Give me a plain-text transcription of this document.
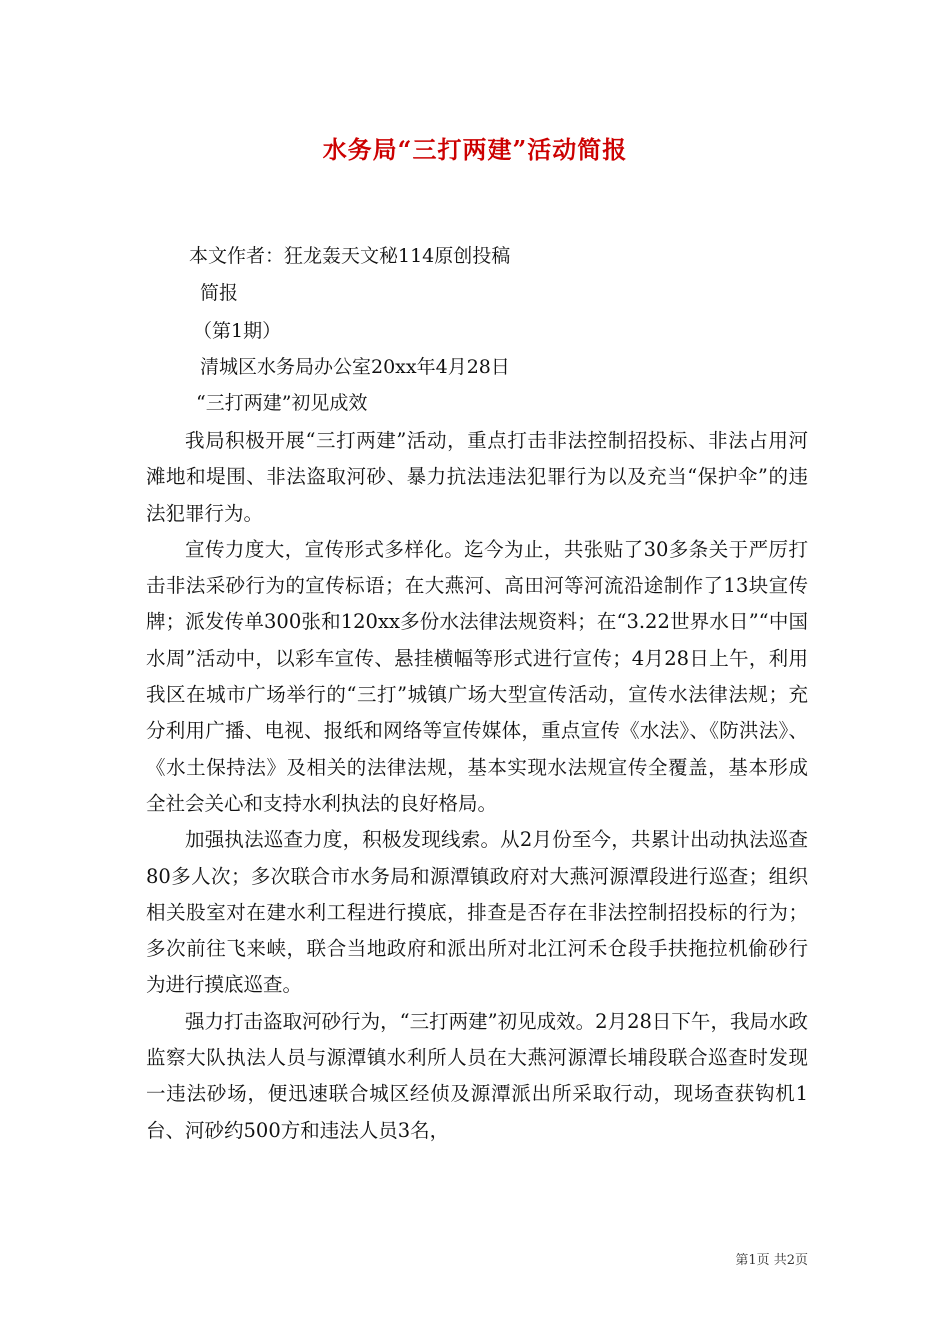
水务局“三打两建”活动简报

本文作者：狂龙轰天文秘114原创投稿

简报

（第1期）

清城区水务局办公室20xx年4月28日

“三打两建”初见成效

我局积极开展“三打两建”活动，重点打击非法控制招投标、非法占用河滩地和堤围、非法盗取河砂、暴力抗法违法犯罪行为以及充当“保护伞”的违法犯罪行为。

宣传力度大，宣传形式多样化。迄今为止，共张贴了30多条关于严厉打击非法采砂行为的宣传标语；在大燕河、高田河等河流沿途制作了13块宣传牌；派发传单300张和120xx多份水法律法规资料；在“3.22世界水日”“中国水周”活动中，以彩车宣传、悬挂横幅等形式进行宣传；4月28日上午，利用我区在城市广场举行的“三打”城镇广场大型宣传活动，宣传水法律法规；充分利用广播、电视、报纸和网络等宣传媒体，重点宣传《水法》、《防洪法》、《水土保持法》及相关的法律法规，基本实现水法规宣传全覆盖，基本形成全社会关心和支持水利执法的良好格局。

加强执法巡查力度，积极发现线索。从2月份至今，共累计出动执法巡查80多人次；多次联合市水务局和源潭镇政府对大燕河源潭段进行巡查；组织相关股室对在建水利工程进行摸底，排查是否存在非法控制招投标的行为；多次前往飞来峡，联合当地政府和派出所对北江河禾仓段手扶拖拉机偷砂行为进行摸底巡查。

强力打击盗取河砂行为，“三打两建”初见成效。2月28日下午，我局水政监察大队执法人员与源潭镇水利所人员在大燕河源潭长埔段联合巡查时发现一违法砂场，便迅速联合城区经侦及源潭派出所采取行动，现场查获钩机1台、河砂约500方和违法人员3名，

第1页 共2页
